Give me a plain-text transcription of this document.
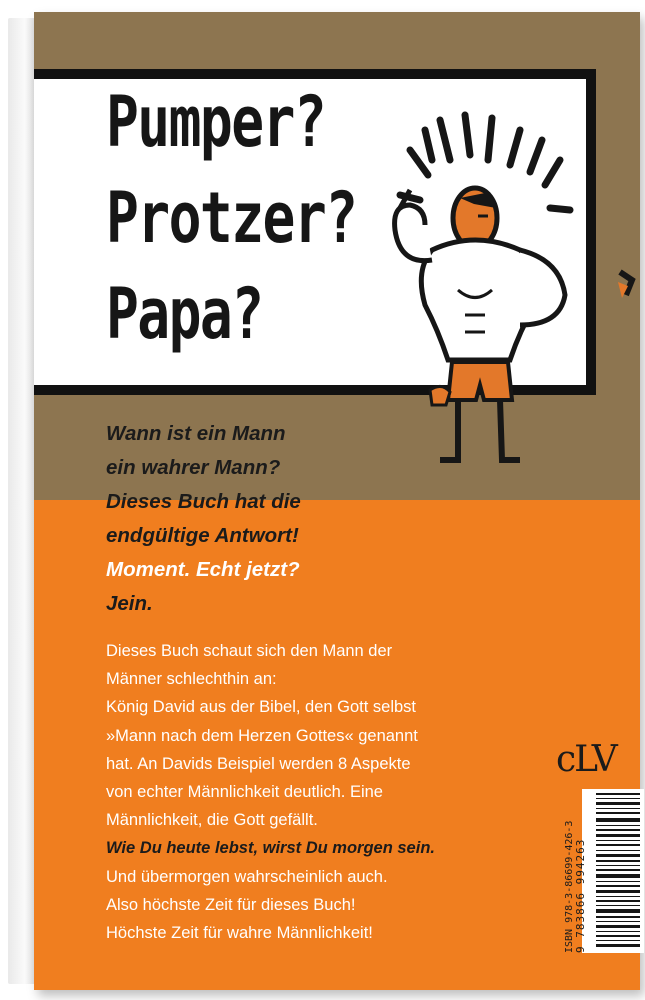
Pumper?
Protzer?
Papa?
Wann ist ein Mann
ein wahrer Mann?
Dieses Buch hat die
endgültige Antwort!
Moment. Echt jetzt?
Jein.
Dieses Buch schaut sich den Mann der
Männer schlechthin an:
König David aus der Bibel, den Gott selbst
»Mann nach dem Herzen Gottes« genannt
hat. An Davids Beispiel werden 8 Aspekte
von echter Männlichkeit deutlich. Eine
Männlichkeit, die Gott gefällt.
Wie Du heute lebst, wirst Du morgen sein.
Und übermorgen wahrscheinlich auch.
Also höchste Zeit für dieses Buch!
Höchste Zeit für wahre Männlichkeit!
cLV
ISBN 978-3-86699-426-3 9 783866 994263
